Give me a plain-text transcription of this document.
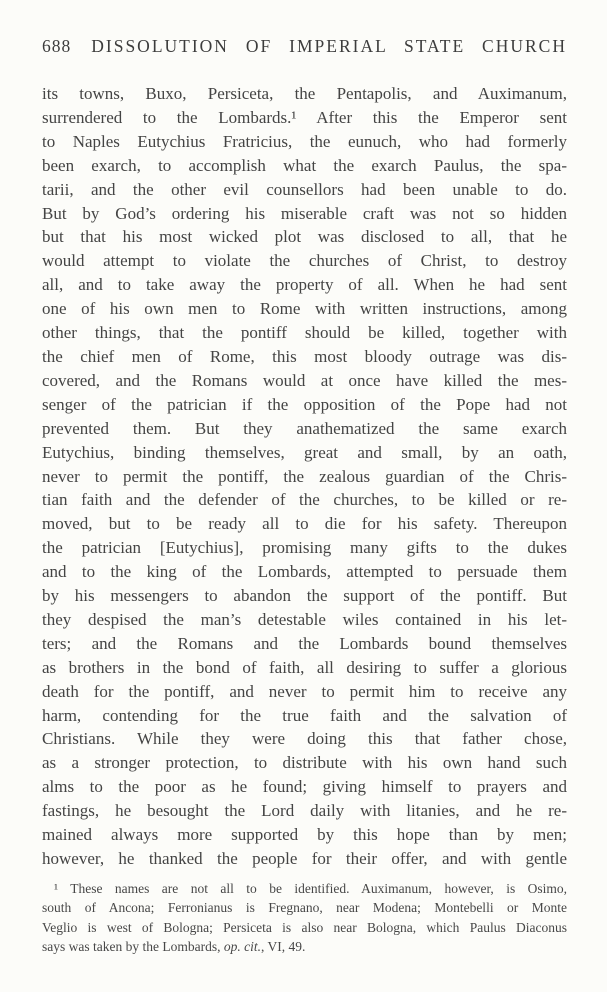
688 DISSOLUTION OF IMPERIAL STATE CHURCH
its towns, Buxo, Persiceta, the Pentapolis, and Auximanum,
surrendered to the Lombards.¹ After this the Emperor sent
to Naples Eutychius Fratricius, the eunuch, who had formerly
been exarch, to accomplish what the exarch Paulus, the spa-
tarii, and the other evil counsellors had been unable to do.
But by God’s ordering his miserable craft was not so hidden
but that his most wicked plot was disclosed to all, that he
would attempt to violate the churches of Christ, to destroy
all, and to take away the property of all. When he had sent
one of his own men to Rome with written instructions, among
other things, that the pontiff should be killed, together with
the chief men of Rome, this most bloody outrage was dis-
covered, and the Romans would at once have killed the mes-
senger of the patrician if the opposition of the Pope had not
prevented them. But they anathematized the same exarch
Eutychius, binding themselves, great and small, by an oath,
never to permit the pontiff, the zealous guardian of the Chris-
tian faith and the defender of the churches, to be killed or re-
moved, but to be ready all to die for his safety. Thereupon
the patrician [Eutychius], promising many gifts to the dukes
and to the king of the Lombards, attempted to persuade them
by his messengers to abandon the support of the pontiff. But
they despised the man’s detestable wiles contained in his let-
ters; and the Romans and the Lombards bound themselves
as brothers in the bond of faith, all desiring to suffer a glorious
death for the pontiff, and never to permit him to receive any
harm, contending for the true faith and the salvation of
Christians. While they were doing this that father chose,
as a stronger protection, to distribute with his own hand such
alms to the poor as he found; giving himself to prayers and
fastings, he besought the Lord daily with litanies, and he re-
mained always more supported by this hope than by men;
however, he thanked the people for their offer, and with gentle
¹ These names are not all to be identified. Auximanum, however, is Osimo,
south of Ancona; Ferronianus is Fregnano, near Modena; Montebelli or Monte
Veglio is west of Bologna; Persiceta is also near Bologna, which Paulus Diaconus
says was taken by the Lombards, op. cit., VI, 49.
